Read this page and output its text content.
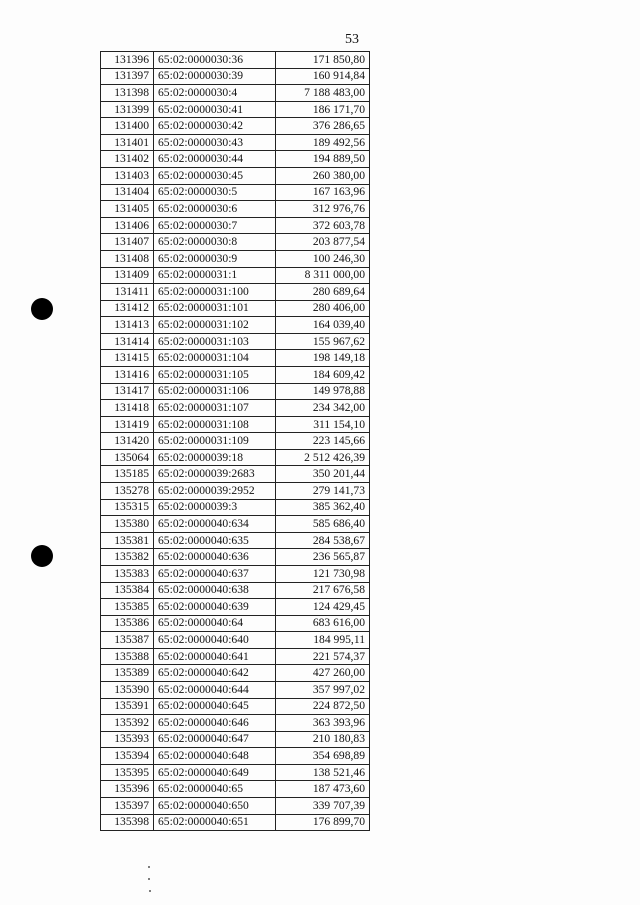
53
131396	65:02:0000030:36	171 850,80
131397	65:02:0000030:39	160 914,84
131398	65:02:0000030:4	7 188 483,00
131399	65:02:0000030:41	186 171,70
131400	65:02:0000030:42	376 286,65
131401	65:02:0000030:43	189 492,56
131402	65:02:0000030:44	194 889,50
131403	65:02:0000030:45	260 380,00
131404	65:02:0000030:5	167 163,96
131405	65:02:0000030:6	312 976,76
131406	65:02:0000030:7	372 603,78
131407	65:02:0000030:8	203 877,54
131408	65:02:0000030:9	100 246,30
131409	65:02:0000031:1	8 311 000,00
131411	65:02:0000031:100	280 689,64
131412	65:02:0000031:101	280 406,00
131413	65:02:0000031:102	164 039,40
131414	65:02:0000031:103	155 967,62
131415	65:02:0000031:104	198 149,18
131416	65:02:0000031:105	184 609,42
131417	65:02:0000031:106	149 978,88
131418	65:02:0000031:107	234 342,00
131419	65:02:0000031:108	311 154,10
131420	65:02:0000031:109	223 145,66
135064	65:02:0000039:18	2 512 426,39
135185	65:02:0000039:2683	350 201,44
135278	65:02:0000039:2952	279 141,73
135315	65:02:0000039:3	385 362,40
135380	65:02:0000040:634	585 686,40
135381	65:02:0000040:635	284 538,67
135382	65:02:0000040:636	236 565,87
135383	65:02:0000040:637	121 730,98
135384	65:02:0000040:638	217 676,58
135385	65:02:0000040:639	124 429,45
135386	65:02:0000040:64	683 616,00
135387	65:02:0000040:640	184 995,11
135388	65:02:0000040:641	221 574,37
135389	65:02:0000040:642	427 260,00
135390	65:02:0000040:644	357 997,02
135391	65:02:0000040:645	224 872,50
135392	65:02:0000040:646	363 393,96
135393	65:02:0000040:647	210 180,83
135394	65:02:0000040:648	354 698,89
135395	65:02:0000040:649	138 521,46
135396	65:02:0000040:65	187 473,60
135397	65:02:0000040:650	339 707,39
135398	65:02:0000040:651	176 899,70
